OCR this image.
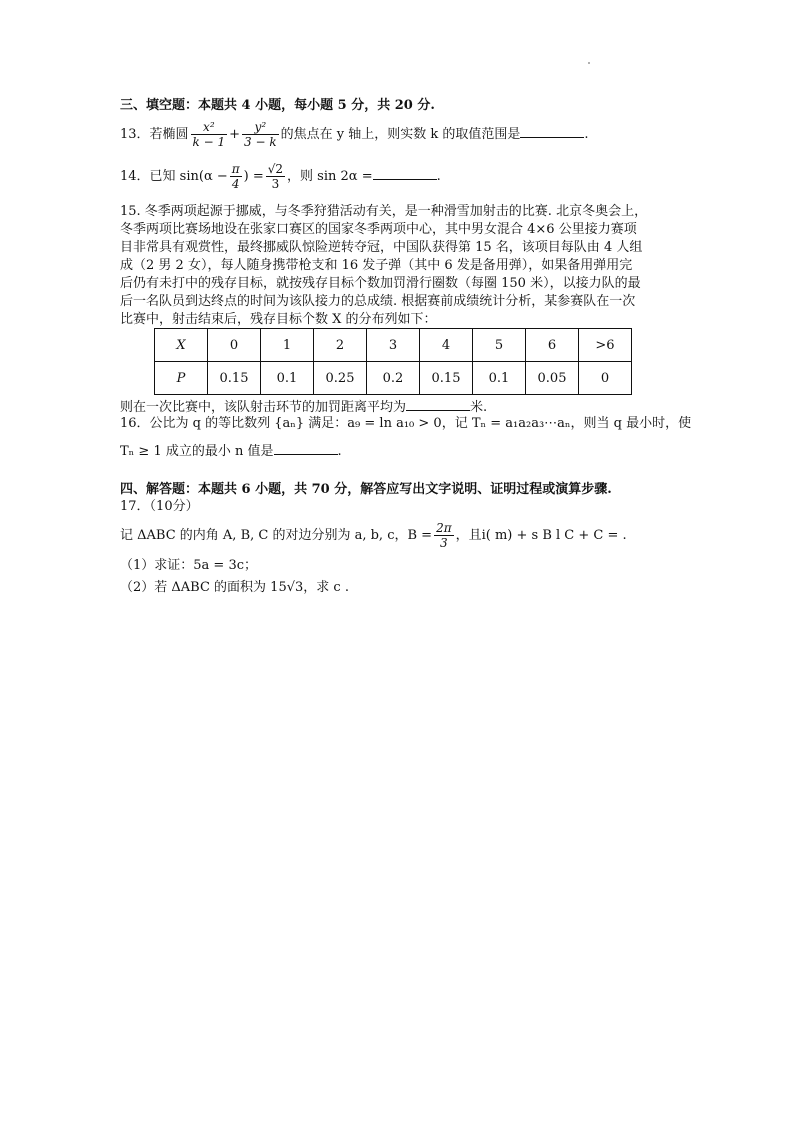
三、填空题：本题共 4 小题，每小题 5 分，共 20 分.
13．若椭圆 $\frac{\text{x²}}{k - 1} + \frac{\text{y²}}{3 - k}$ 的焦点在 y 轴上，则实数 k 的取值范围是	.
14．已知 $\sin(\alpha - \frac{\pi}{4}$ ) = $\frac{√2}{3}$ ，则 sin 2α =	.
15. 冬季两项起源于挪威，与冬季狩猎活动有关，是一种滑雪加射击的比赛. 北京冬奥会上，
冬季两项比赛场地设在张家口赛区的国家冬季两项中心，其中男女混合 4×6 公里接力赛项
目非常具有观赏性，最终挪威队惊险逆转夺冠，中国队获得第 15 名，该项目每队由 4 人组
成（2 男 2 女），每人随身携带枪支和 16 发子弹（其中 6 发是备用弹），如果备用弹用完
后仍有未打中的残存目标，就按残存目标个数加罚滑行圈数（每圈 150 米），以接力队的最
后一名队员到达终点的时间为该队接力的总成绩. 根据赛前成绩统计分析，某参赛队在一次
比赛中，射击结束后，残存目标个数 X 的分布列如下：
X	0	1	2	3	4	5	6	>6
P	0.15	0.1	0.25	0.2	0.15	0.1	0.05	0
则在一次比赛中，该队射击环节的加罚距离平均为	米.
16．公比为 q 的等比数列 {aₙ} 满足：a₉ = ln a₁₀ > 0，记 Tₙ = a₁a₂a₃⋯aₙ，则当 q 最小时，使
Tₙ ≥ 1 成立的最小 n 值是	.
四、解答题：本题共 6 小题，共 70 分，解答应写出文字说明、证明过程或演算步骤.
17．（10分）
记 ΔABC 的内角 A, B, C 的对边分别为 a, b, c，$B = \frac{2\pi}{3}$ ，且i( m) + s B l C + C = .
（1）求证：5a = 3c；
（2）若 ΔABC 的面积为 15√3，求 c .
